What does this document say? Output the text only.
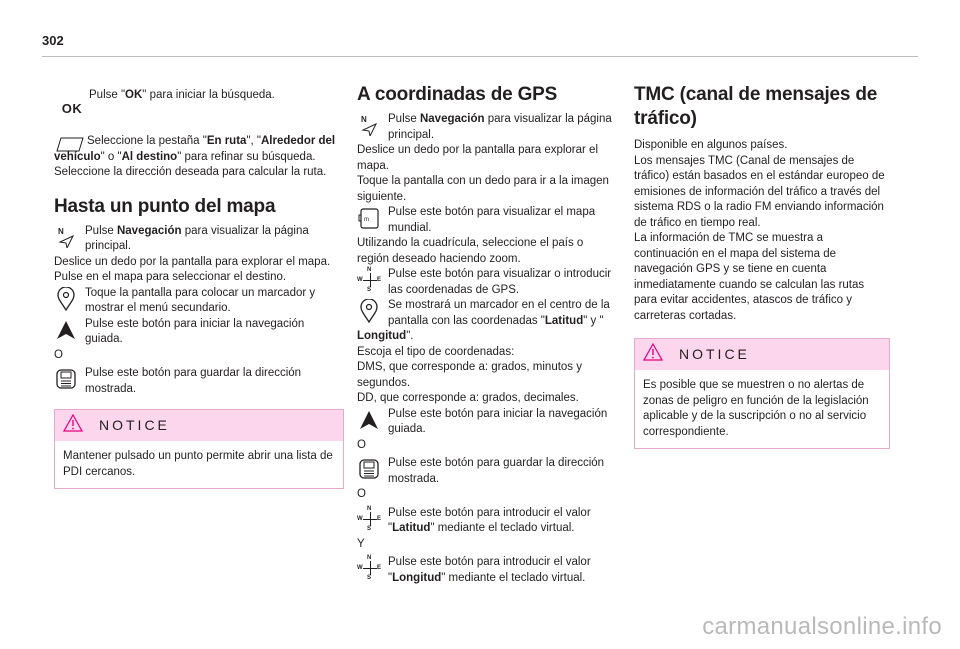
302
OK

Pulse "OK" para iniciar la búsqueda.

Seleccione la pestaña "En ruta", "Alrededor del vehículo" o "Al destino" para refinar su búsqueda.

Seleccione la dirección deseada para calcular la ruta.

Hasta un punto del mapa
N Pulse Navegación para visualizar la página principal.

Deslice un dedo por la pantalla para explorar el mapa.

Pulse en el mapa para seleccionar el destino.

Toque la pantalla para colocar un marcador y mostrar el menú secundario.

Pulse este botón para iniciar la navegación guiada.

O

Pulse este botón para guardar la dirección mostrada.

NOTICE
Mantener pulsado un punto permite abrir una lista de PDI cercanos.
A coordinadas de GPS
N Pulse Navegación para visualizar la página principal.

Deslice un dedo por la pantalla para explorar el mapa.

Toque la pantalla con un dedo para ir a la imagen siguiente.

m

Pulse este botón para visualizar el mapa mundial.

Utilizando la cuadrícula, seleccione el país o región deseado haciendo zoom.

N
S
W E Pulse este botón para visualizar o introducir las coordenadas de GPS.

Se mostrará un marcador en el centro de la pantalla con las coordenadas "Latitud" y "

Longitud".

Escoja el tipo de coordenadas:

DMS, que corresponde a: grados, minutos y segundos.

DD, que corresponde a: grados, decimales.

Pulse este botón para iniciar la navegación guiada.

O

Pulse este botón para guardar la dirección mostrada.

O

N
S
W E Pulse este botón para introducir el valor "Latitud" mediante el teclado virtual.

Y

N
S
W E Pulse este botón para introducir el valor "Longitud" mediante el teclado virtual.

TMC (canal de mensajes de tráfico)

Disponible en algunos países.

Los mensajes TMC (Canal de mensajes de tráfico) están basados en el estándar europeo de emisiones de información del tráfico a través del sistema RDS o la radio FM enviando información de tráfico en tiempo real.

La información de TMC se muestra a continuación en el mapa del sistema de navegación GPS y se tiene en cuenta inmediatamente cuando se calculan las rutas para evitar accidentes, atascos de tráfico y carreteras cortadas.

NOTICE
Es posible que se muestren o no alertas de zonas de peligro en función de la legislación aplicable y de la suscripción o no al servicio correspondiente.
carmanualsonline.info
